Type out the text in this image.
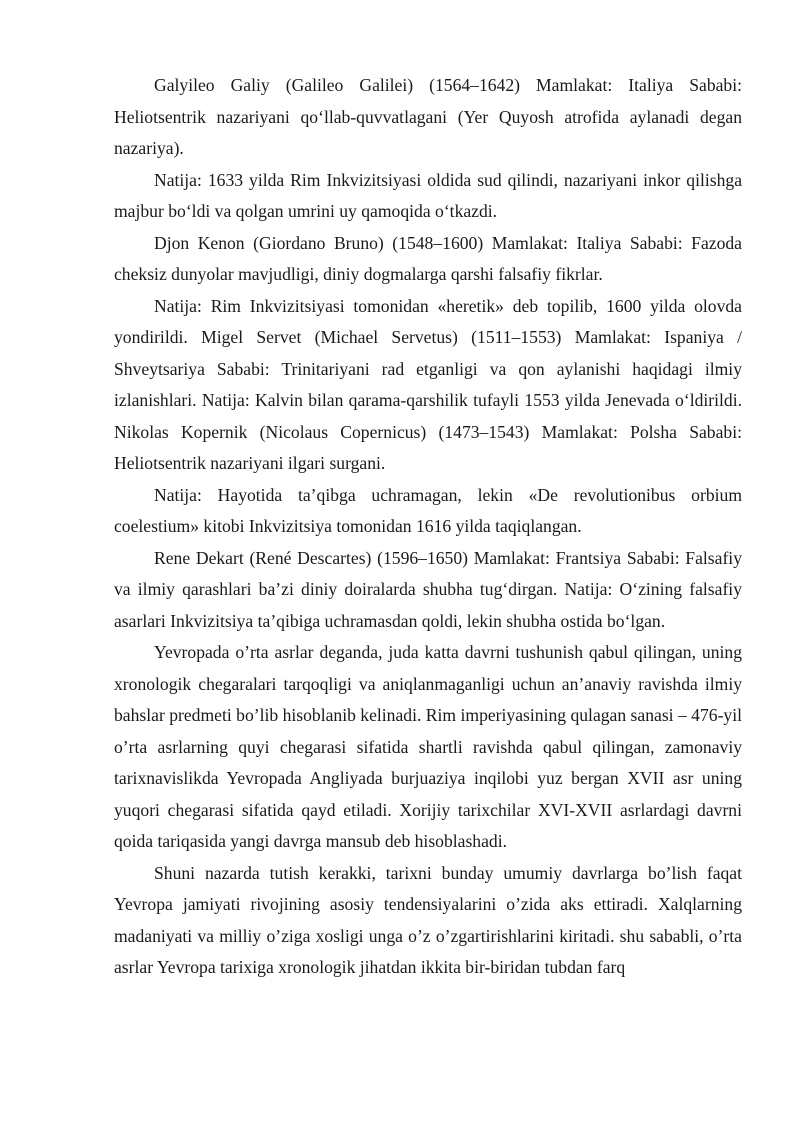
Galyileo Galiy (Galileo Galilei) (1564–1642) Mamlakat: Italiya Sababi: Heliotsentrik nazariyani qo‘llab-quvvatlagani (Yer Quyosh atrofida aylanadi degan nazariya).

Natija: 1633 yilda Rim Inkvizitsiyasi oldida sud qilindi, nazariyani inkor qilishga majbur bo‘ldi va qolgan umrini uy qamoqida o‘tkazdi.

Djon Kenon (Giordano Bruno) (1548–1600) Mamlakat: Italiya Sababi: Fazoda cheksiz dunyolar mavjudligi, diniy dogmalarga qarshi falsafiy fikrlar.

Natija: Rim Inkvizitsiyasi tomonidan «heretik» deb topilib, 1600 yilda olovda yondirildi. Migel Servet (Michael Servetus) (1511–1553) Mamlakat: Ispaniya / Shveytsariya Sababi: Trinitariyani rad etganligi va qon aylanishi haqidagi ilmiy izlanishlari. Natija: Kalvin bilan qarama-qarshilik tufayli 1553 yilda Jenevada o‘ldirildi. Nikolas Kopernik (Nicolaus Copernicus) (1473–1543) Mamlakat: Polsha Sababi: Heliotsentrik nazariyani ilgari surgani.

Natija: Hayotida ta’qibga uchramagan, lekin «De revolutionibus orbium coelestium» kitobi Inkvizitsiya tomonidan 1616 yilda taqiqlangan.

Rene Dekart (René Descartes) (1596–1650) Mamlakat: Frantsiya Sababi: Falsafiy va ilmiy qarashlari ba’zi diniy doiralarda shubha tug‘dirgan. Natija: O‘zining falsafiy asarlari Inkvizitsiya ta’qibiga uchramasdan qoldi, lekin shubha ostida bo‘lgan.

Yevropada o’rta asrlar deganda, juda katta davrni tushunish qabul qilingan, uning xronologik chegaralari tarqoqligi va aniqlanmaganligi uchun an’anaviy ravishda ilmiy bahslar predmeti bo’lib hisoblanib kelinadi. Rim imperiyasining qulagan sanasi – 476-yil o’rta asrlarning quyi chegarasi sifatida shartli ravishda qabul qilingan, zamonaviy tarixnavislikda Yevropada Angliyada burjuaziya inqilobi yuz bergan XVII asr uning yuqori chegarasi sifatida qayd etiladi. Xorijiy tarixchilar XVI-XVII asrlardagi davrni qoida tariqasida yangi davrga mansub deb hisoblashadi.

Shuni nazarda tutish kerakki, tarixni bunday umumiy davrlarga bo’lish faqat Yevropa jamiyati rivojining asosiy tendensiyalarini o’zida aks ettiradi. Xalqlarning madaniyati va milliy o’ziga xosligi unga o’z o’zgartirishlarini kiritadi. shu sababli, o’rta asrlar Yevropa tarixiga xronologik jihatdan ikkita bir-biridan tubdan farq
